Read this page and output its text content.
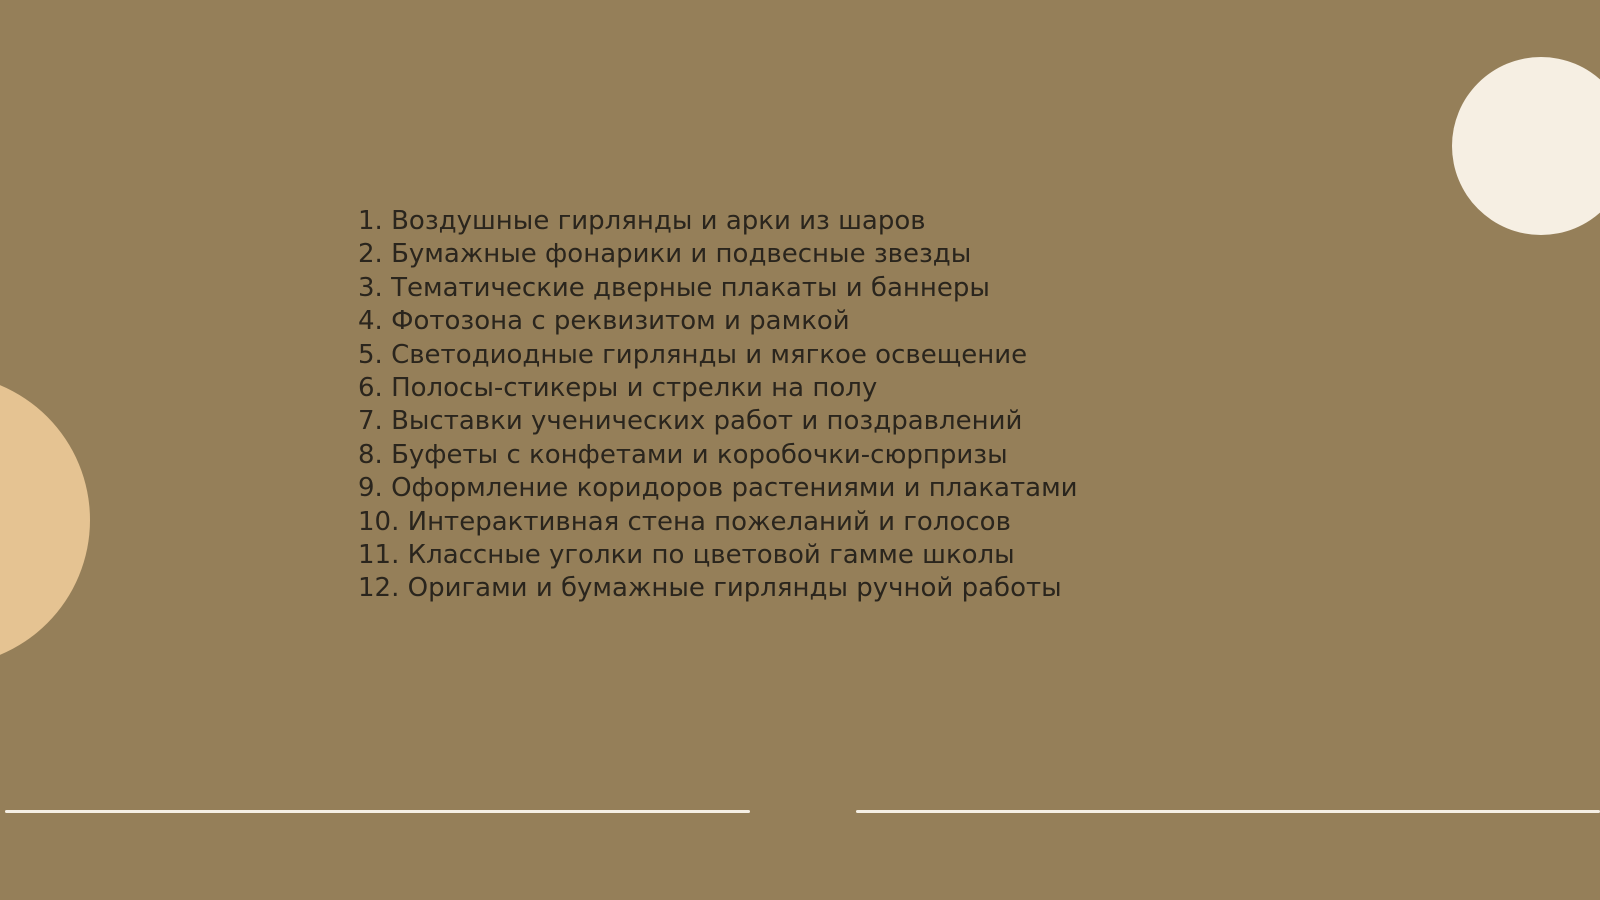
1. Воздушные гирлянды и арки из шаров
2. Бумажные фонарики и подвесные звезды
3. Тематические дверные плакаты и баннеры
4. Фотозона с реквизитом и рамкой
5. Светодиодные гирлянды и мягкое освещение
6. Полосы-стикеры и стрелки на полу
7. Выставки ученических работ и поздравлений
8. Буфеты с конфетами и коробочки-сюрпризы
9. Оформление коридоров растениями и плакатами
10. Интерактивная стена пожеланий и голосов
11. Классные уголки по цветовой гамме школы
12. Оригами и бумажные гирлянды ручной работы
